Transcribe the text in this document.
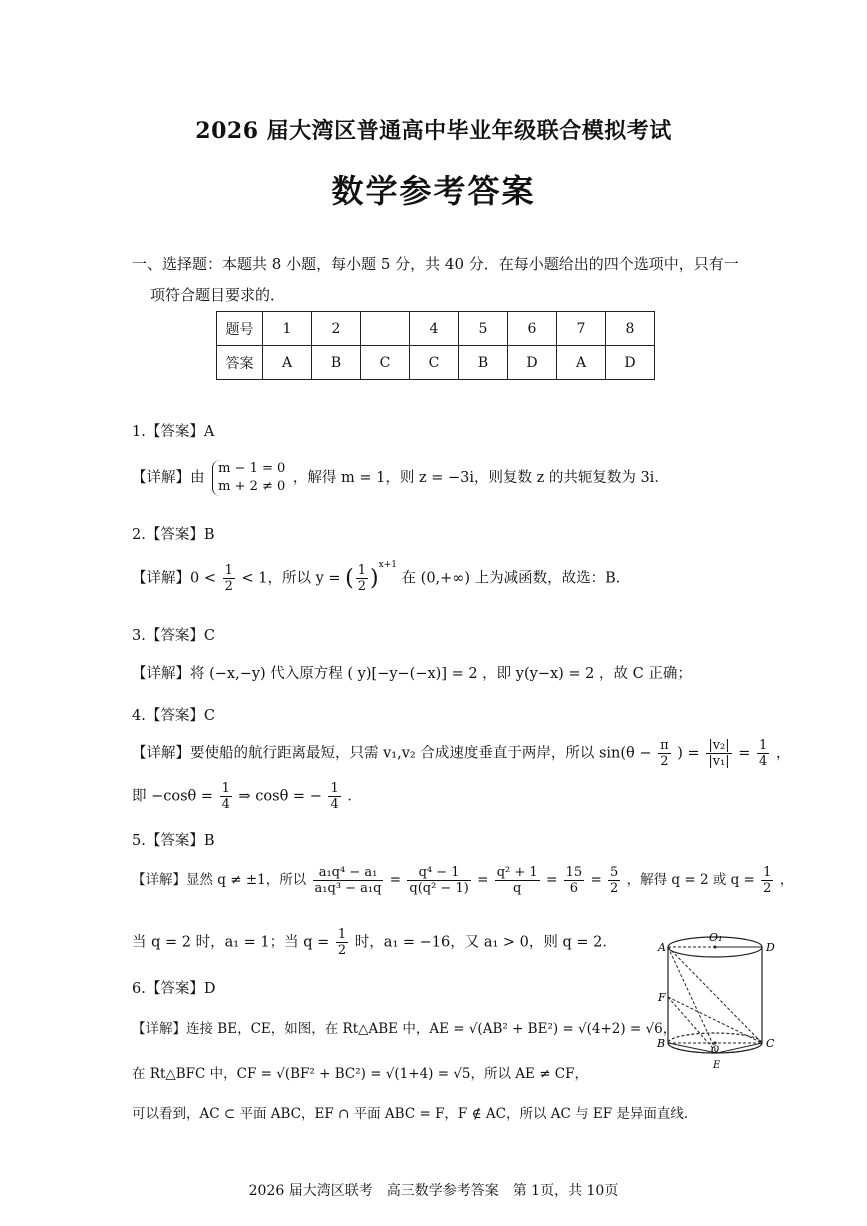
2026 届大湾区普通高中毕业年级联合模拟考试
数学参考答案
一、选择题：本题共 8 小题，每小题 5 分，共 40 分．在每小题给出的四个选项中，只有一
项符合题目要求的．
题号	1	2		4	5	6	7	8
答案	A	B	C	C	B	D	A	D
1.【答案】A
【详解】由
m − 1 = 0
m + 2 ≠ 0
，解得 m = 1，则 z = −3i，则复数 z 的共轭复数为 3i．
2.【答案】B
【详解】$0 < \frac{1}{2} < 1$，所以 y = ( $\frac{1}{2} )^{x+1}$ 在 (0,+∞) 上为减函数，故选：B．
3.【答案】C
【详解】将 (−x,−y) 代入原方程 ( y)[−y−(−x)] = 2 ，即 y(y−x) = 2 ，故 C 正确；
4.【答案】C
【详解】要使船的航行距离最短，只需 v₁,v₂ 合成速度垂直于两岸，所以 $\sin(\theta - \frac{\pi}{2}$ ) = $\frac{\text{|v₂|}}{\text{|v₁|}} = \frac{1}{4}$ ，
即 $-\cos\theta = \frac{1}{4}$ ⇒ cosθ = − $\frac{1}{4}$ ．
5.【答案】B
【详解】显然 q ≠ ±1，所以 $\frac{\text{a₁q⁴ − a₁}}{\text{a₁q³ − a₁q}} = \frac{\text{q⁴ − 1}}{\text{q(q² − 1)}} = \frac{\text{q² + 1}}{q} = \frac{15}{6} = \frac{5}{2}$ ，解得 q = 2 或 $q = \frac{1}{2}$ ，
当 q = 2 时，a₁ = 1；当 $q = \frac{1}{2}$ 时，a₁ = −16，又 a₁ > 0，则 q = 2．
6.【答案】D
【详解】连接 BE，CE，如图，在 Rt△ABE 中，AE = √(AB² + BE²) = √(4+2) = √6，
在 Rt△BFC 中，CF = √(BF² + BC²) = √(1+4) = √5，所以 AE ≠ CF，
可以看到，AC ⊂ 平面 ABC，EF ∩ 平面 ABC = F，F ∉ AC，所以 AC 与 EF 是异面直线．
A
O₁
D
F
B
O
C
E
2026 届大湾区联考　高三数学参考答案　第 1页，共 10页
